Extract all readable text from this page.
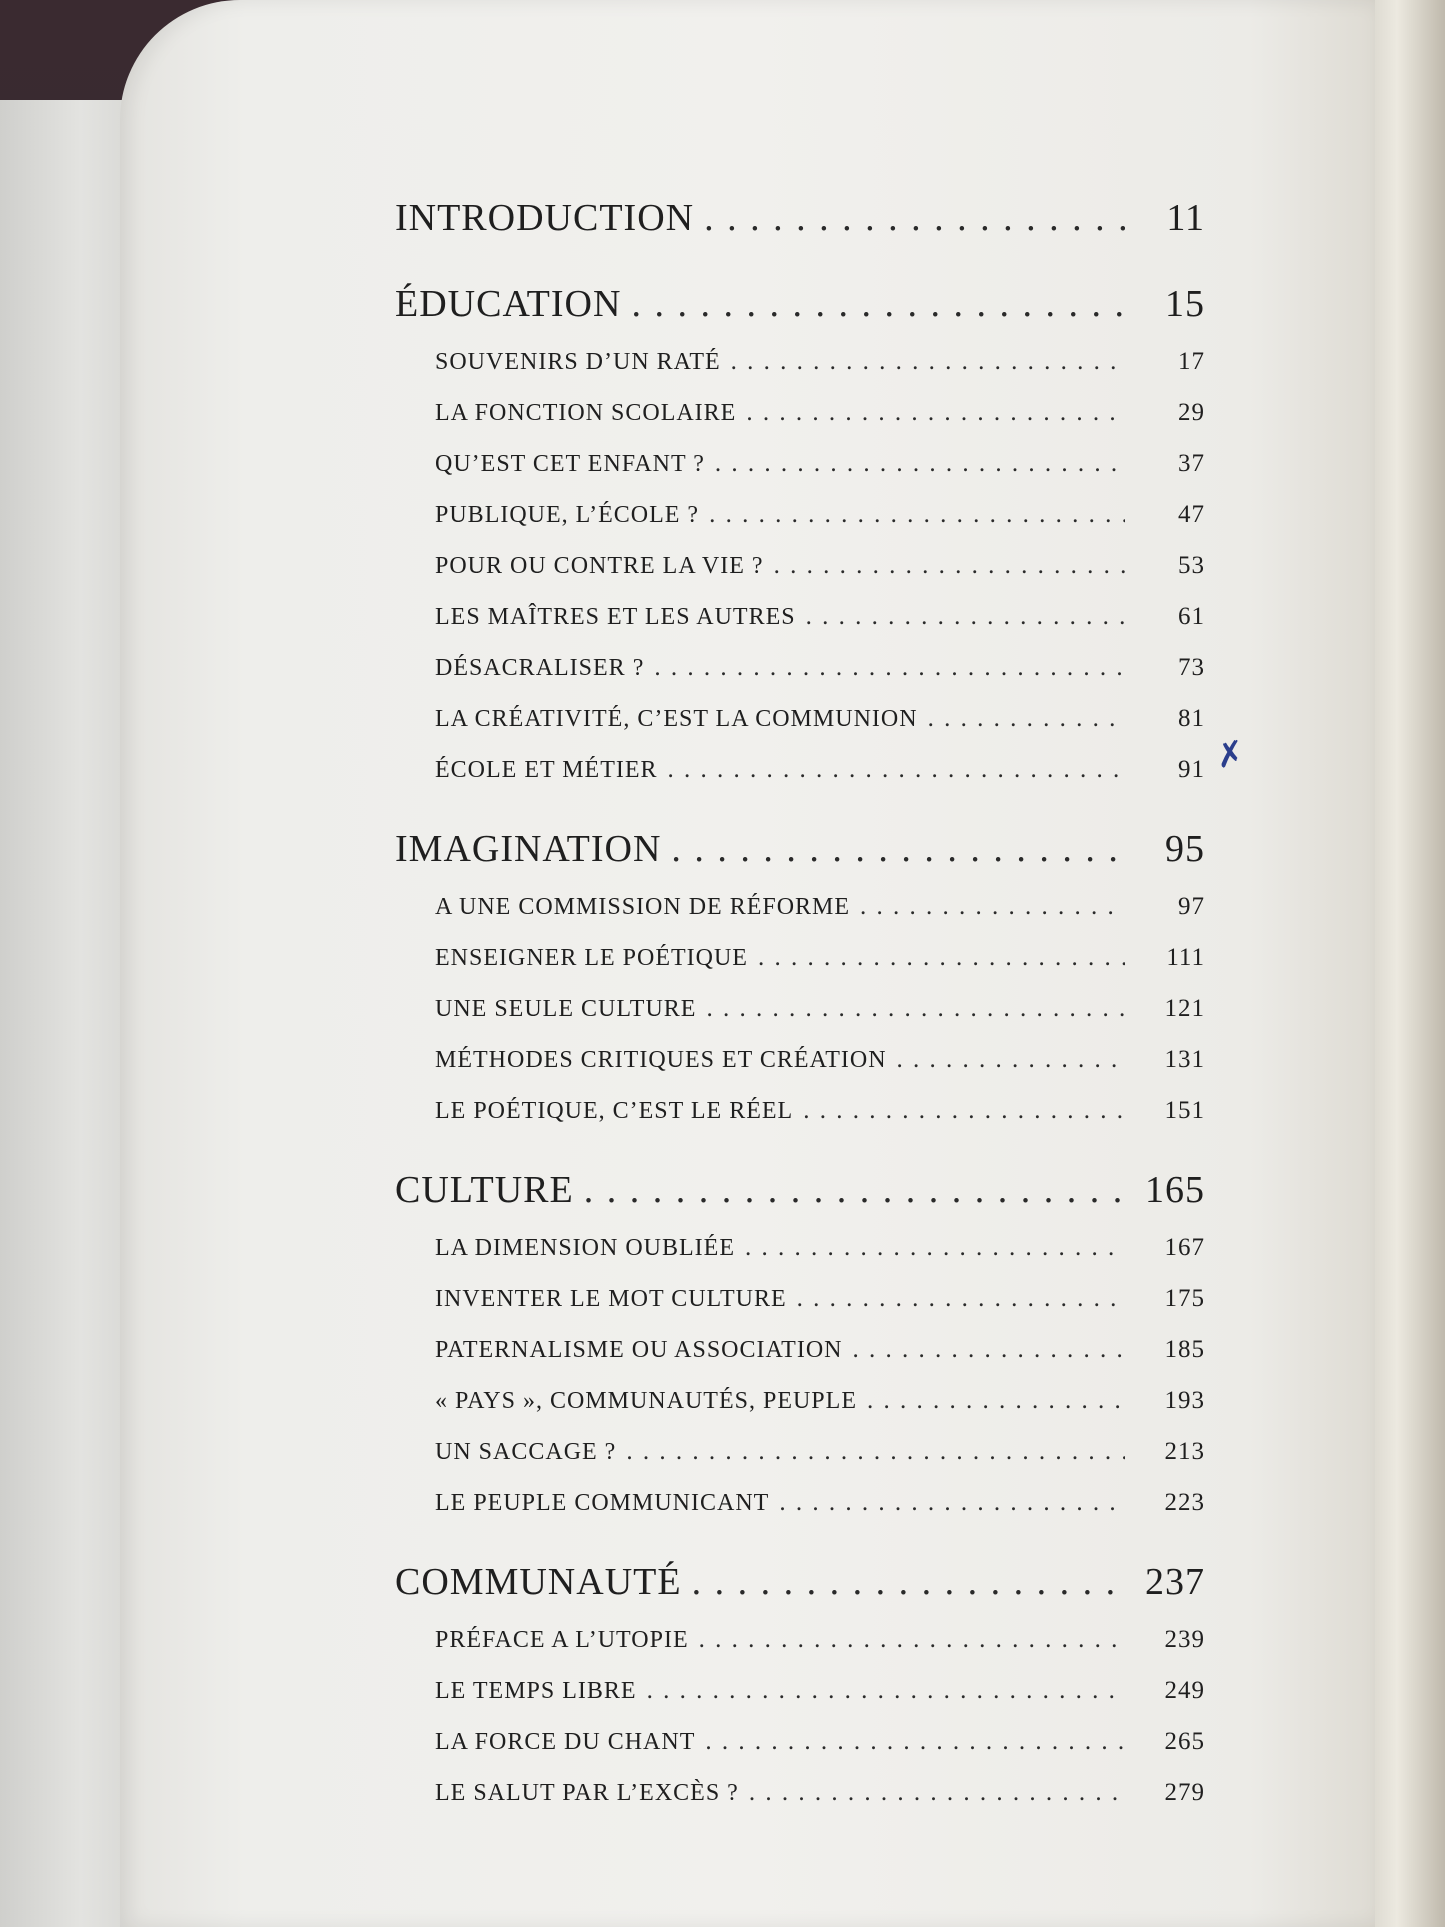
INTRODUCTION . . .	11
ÉDUCATION . . .	15
SOUVENIRS D’UN RATÉ . . .	17
LA FONCTION SCOLAIRE . . .	29
QU’EST CET ENFANT ? . . .	37
PUBLIQUE, L’ÉCOLE ? . . .	47
POUR OU CONTRE LA VIE ? . . .	53
LES MAÎTRES ET LES AUTRES . . .	61
DÉSACRALISER ? . . .	73
LA CRÉATIVITÉ, C’EST LA COMMUNION . . .	81
ÉCOLE ET MÉTIER . . .	91
IMAGINATION . . .	95
A UNE COMMISSION DE RÉFORME . . .	97
ENSEIGNER LE POÉTIQUE . . .	111
UNE SEULE CULTURE . . .	121
MÉTHODES CRITIQUES ET CRÉATION . . .	131
LE POÉTIQUE, C’EST LE RÉEL . . .	151
CULTURE . . .	165
LA DIMENSION OUBLIÉE . . .	167
INVENTER LE MOT CULTURE . . .	175
PATERNALISME OU ASSOCIATION . . .	185
« PAYS », COMMUNAUTÉS, PEUPLE . . .	193
UN SACCAGE ? . . .	213
LE PEUPLE COMMUNICANT . . .	223
COMMUNAUTÉ . . .	237
PRÉFACE A L’UTOPIE . . .	239
LE TEMPS LIBRE . . .	249
LA FORCE DU CHANT . . .	265
LE SALUT PAR L’EXCÈS ? . . .	279
✗
